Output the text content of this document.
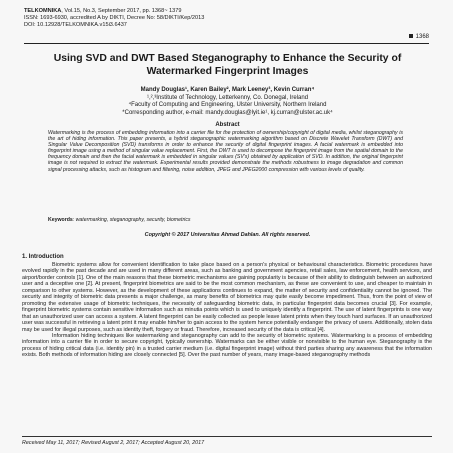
TELKOMNIKA, Vol.15, No.3, September 2017, pp. 1368~ 1379
ISSN: 1693-6930, accredited A by DIKTI, Decree No: 58/DIKTI/Kep/2013
DOI: 10.12928/TELKOMNIKA.v15i3.6437
1368
Using SVD and DWT Based Steganography to Enhance the Security of Watermarked Fingerprint Images
Mandy Douglas¹, Karen Bailey², Mark Leeney³, Kevin Curran⁴
¹,²,³Institute of Technology, Letterkenny, Co. Donegal, Ireland
⁴Faculty of Computing and Engineering, Ulster University, Northern Ireland
*Corresponding author, e-mail: mandy.douglas@lyit.ie¹, kj.curran@ulster.ac.uk⁴
Abstract
Watermarking is the process of embedding information into a carrier file for the protection of ownership/copyright of digital media, whilst steganography is the art of hiding information. This paper presents, a hybrid steganographic watermarking algorithm based on Discrete Wavelet Transform (DWT) and Singular Value Decomposition (SVD) transforms in order to enhance the security of digital fingerprint images. A facial watermark is embedded into fingerprint image using a method of singular value replacement. First, the DWT is used to decompose the fingerprint image from the spatial domain to the frequency domain and then the facial watermark is embedded in singular values (SV's) obtained by application of SVD. In addition, the original fingerprint image is not required to extract the watermark. Experimental results provided demonstrate the methods robustness to image degradation and common signal processing attacks, such as histogram and filtering, noise addition, JPEG and JPEG2000 compression with various levels of quality.
Keywords: watermarking, steganography, security, biometrics
Copyright © 2017 Universitas Ahmad Dahlan. All rights reserved.
1. Introduction

Biometric systems allow for convenient identification to take place based on a person's physical or behavioural characteristics. Biometric procedures have evolved rapidly in the past decade and are used in many different areas, such as banking and government agencies, retail sales, law enforcement, health services, and airport/border controls [1]. One of the main reasons that these biometric mechanisms are gaining popularity is because of their ability to distinguish between an authorized user and a deceptive one [2]. At present, fingerprint biometrics are said to be the most common mechanism, as these are convenient to use, and cheaper to maintain in comparison to other systems. However, as the development of these applications continues to expand, the matter of security and confidentiality cannot be ignored. The security and integrity of biometric data presents a major challenge, as many benefits of biometrics may quite easily become impediment. Thus, from the point of view of promoting the extensive usage of biometric techniques, the necessity of safeguarding biometric data, in particular fingerprint data becomes crucial [3]. For example, fingerprint biometric systems contain sensitive information such as minutia points which is used to uniquely identify a fingerprint. The use of latent fingerprints is one way that an unauthorized user can access a system. A latent fingerprint can be easily collected as people leave latent prints when they touch hard surfaces. If an unauthorized user was successful in retrieving a latent print it may enable him/her to gain access to the system hence potentially endanger the privacy of users. Additionally, stolen data may be used for illegal purposes, such as identity theft, forgery or fraud. Therefore, increased security of the data is critical [4].

Information hiding techniques like watermarking and steganography can add to the security of biometric systems. Watermarking is a process of embedding information into a carrier file in order to secure copyright, typically ownership. Watermarks can be either visible or nonvisible to the human eye. Steganography is the process of hiding critical data (i.e. identity pin) in a trusted carrier medium (i.e. digital fingerprint image) without third parties sharing any awareness that the information exists. Both methods of information hiding are closely connected [5]. Over the past number of years, many image-based steganography methods

Received May 11, 2017; Revised August 2, 2017; Accepted August 20, 2017
